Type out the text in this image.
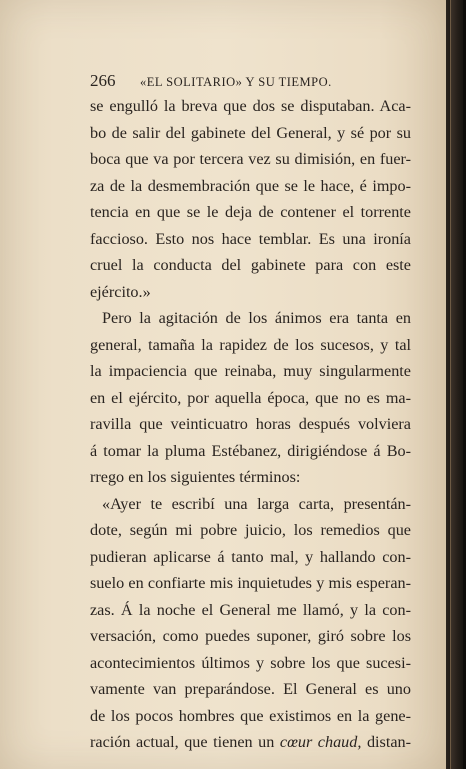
266 «EL SOLITARIO» Y SU TIEMPO.

se engulló la breva que dos se disputaban. Aca-

bo de salir del gabinete del General, y sé por su

boca que va por tercera vez su dimisión, en fuer-

za de la desmembración que se le hace, é impo-

tencia en que se le deja de contener el torrente

faccioso. Esto nos hace temblar. Es una ironía

cruel la conducta del gabinete para con este

ejército.»

Pero la agitación de los ánimos era tanta en

general, tamaña la rapidez de los sucesos, y tal

la impaciencia que reinaba, muy singularmente

en el ejército, por aquella época, que no es ma-

ravilla que veinticuatro horas después volviera

á tomar la pluma Estébanez, dirigiéndose á Bo-

rrego en los siguientes términos:

«Ayer te escribí una larga carta, presentán-

dote, según mi pobre juicio, los remedios que

pudieran aplicarse á tanto mal, y hallando con-

suelo en confiarte mis inquietudes y mis esperan-

zas. Á la noche el General me llamó, y la con-

versación, como puedes suponer, giró sobre los

acontecimientos últimos y sobre los que sucesi-

vamente van preparándose. El General es uno

de los pocos hombres que existimos en la gene-

ración actual, que tienen un cœur chaud, distan-
